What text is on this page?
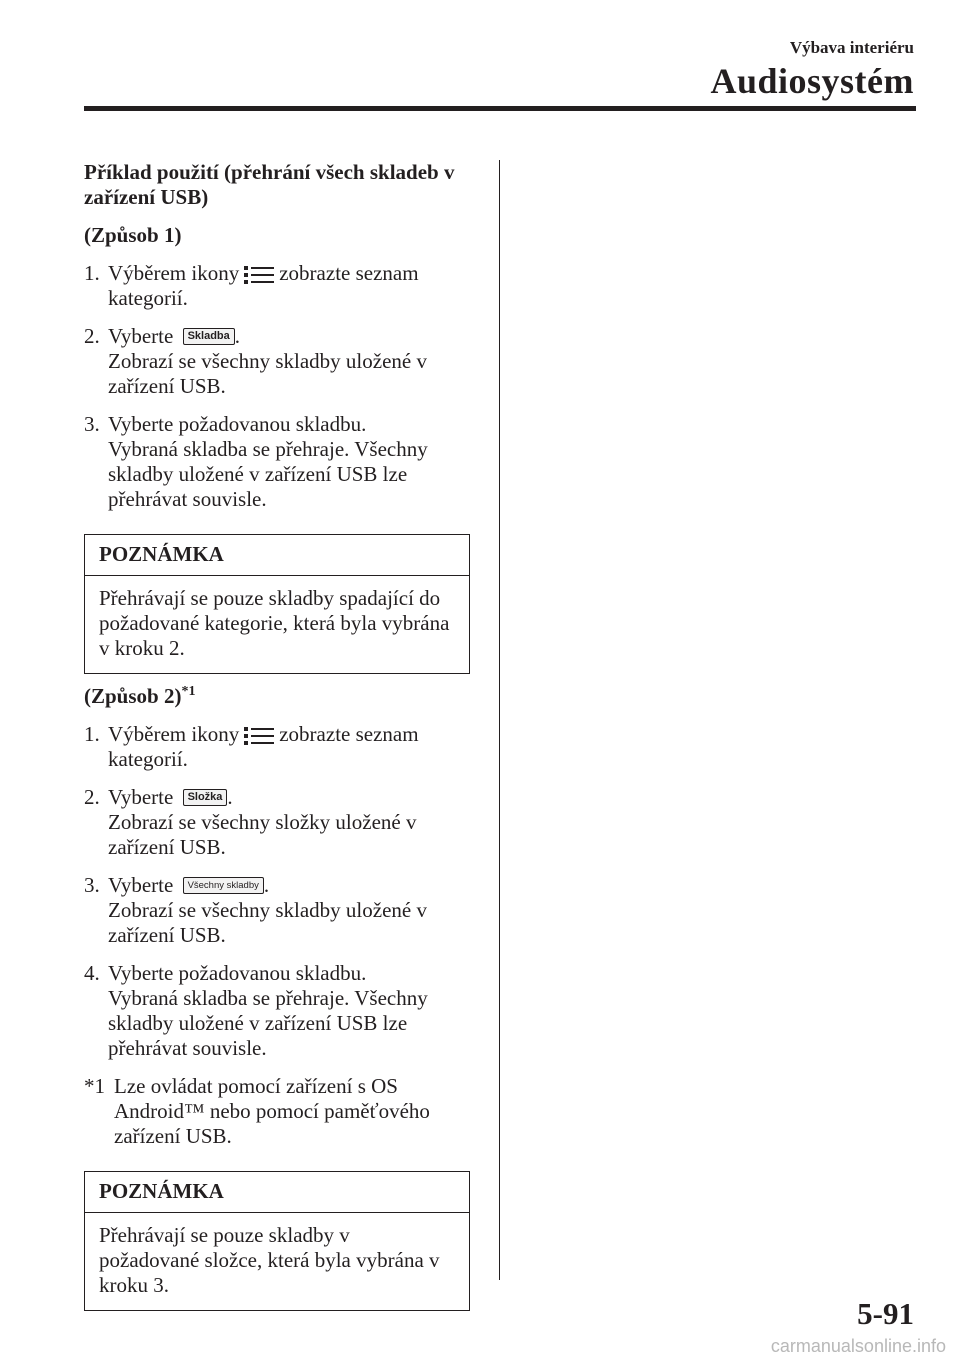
Výbava interiéru
Audiosystém
Příklad použití (přehrání všech skladeb v zařízení USB)
(Způsob 1)
1. Výběrem ikony zobrazte seznam kategorií.
2. Vyberte Skladba .
Zobrazí se všechny skladby uložené v zařízení USB.
3. Vyberte požadovanou skladbu.
Vybraná skladba se přehraje. Všechny skladby uložené v zařízení USB lze přehrávat souvisle.
POZNÁMKA
Přehrávají se pouze skladby spadající do požadované kategorie, která byla vybrána v kroku 2.
(Způsob 2)$^{*1}$
1. Výběrem ikony zobrazte seznam kategorií.
2. Vyberte Složka .
Zobrazí se všechny složky uložené v zařízení USB.
3. Vyberte Všechny skladby .
Zobrazí se všechny skladby uložené v zařízení USB.
4. Vyberte požadovanou skladbu.
Vybraná skladba se přehraje. Všechny skladby uložené v zařízení USB lze přehrávat souvisle.
*1 Lze ovládat pomocí zařízení s OS Android™ nebo pomocí paměťového zařízení USB.
POZNÁMKA
Přehrávají se pouze skladby v požadované složce, která byla vybrána v kroku 3.
5-91
carmanualsonline.info
